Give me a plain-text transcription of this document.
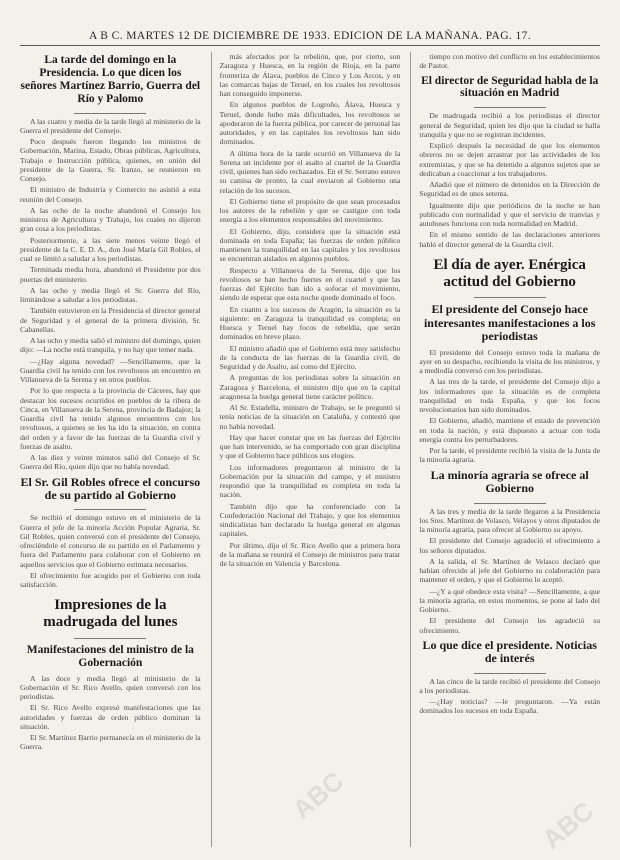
A B C. MARTES 12 DE DICIEMBRE DE 1933. EDICION DE LA MAÑANA. PAG. 17.
La tarde del domingo en la Presidencia. Lo que dicen los señores Martínez Barrio, Guerra del Río y Palomo

A las cuatro y media de la tarde llegó al ministerio de la Guerra el presidente del Consejo.

Poco después fueron llegando los ministros de Gobernación, Marina, Estado, Obras públicas, Agricultura, Trabajo e Instrucción pública, quienes, en unión del presidente de la Guerra, Sr. Iranzo, se reunieron en Consejo.

El ministro de Industria y Comercio no asistió a esta reunión del Consejo.

A las ocho de la noche abandonó el Consejo los ministros de Agricultura y Trabajo, los cuales no dijeron gran cosa a los periodistas.

Posteriormente, a las siete menos veinte llegó el presidente de la C. E. D. A., don José María Gil Robles, el cual se limitó a saludar a los periodistas.

Terminada media hora, abandonó el Presidente por dos puertas del ministerio.

A las ocho y media llegó el Sr. Guerra del Río, limitándose a saludar a los periodistas.

También estuvieron en la Presidencia el director general de Seguridad y el general de la primera división, Sr. Cabanellas.

A las ocho y media salió el ministro del domingo, quien dijo: —La noche está tranquila, y no hay que temer nada.

—¿Hay alguna novedad? —Sencillamente, que la Guardia civil ha tenido con los revoltosos un encuentro en Villanueva de la Serena y en otros pueblos.

Por lo que respecta a la provincia de Cáceres, hay que destacar los sucesos ocurridos en pueblos de la ribera de Cinca, en Villanueva de la Serena, provincia de Badajoz; la Guardia civil ha tenido algunos encuentros con los revoltosos, a quienes se les ha ido la situación, en contra del orden y a favor de las fuerzas de la Guardia civil y fuerzas de asalto.

A las diez y veinte minutos salió del Consejo el Sr. Guerra del Río, quien dijo que no había novedad.

El Sr. Gil Robles ofrece el concurso de su partido al Gobierno

Se recibió el domingo estuvo en el ministerio de la Guerra el jefe de la minoría Acción Popular Agraria, Sr. Gil Robles, quien conversó con el presidente del Consejo, ofreciéndole el concurso de su partido en el Parlamento y fuera del Parlamento para colaborar con el Gobierno en aquellos servicios que el Gobierno estimara necesarios.

El ofrecimiento fue acogido por el Gobierno con toda satisfacción.

Impresiones de la madrugada del lunes
Manifestaciones del ministro de la Gobernación

A las doce y media llegó al ministerio de la Gobernación el Sr. Rico Avello, quien conversó con los periodistas.

El Sr. Rico Avello expresó manifestaciones que las autoridades y fuerzas de orden público dominan la situación.

El Sr. Martínez Barrio permanecía en el ministerio de la Guerra.

más afectados por la rebelión, que, por cierto, son Zaragoza y Huesca, en la región de Rioja, en la parte fronteriza de Álava, pueblos de Cinco y Los Arcos, y en las comarcas bajas de Teruel, en los cuales los revoltosos han conseguido imponerse.

En algunos pueblos de Logroño, Álava, Huesca y Teruel, donde hubo más dificultades, los revoltosos se apoderaron de la fuerza pública, por carecer de personal las autoridades, y en las capitales los revoltosos han sido dominados.

A última hora de la tarde ocurrió en Villanueva de la Serena un incidente por el asalto al cuartel de la Guardia civil, quienes han sido rechazados. En el Sr. Serrano estuvo su camisa de pronto, la cual enviaron al Gobierno una relación de los sucesos.

El Gobierno tiene el propósito de que sean procesados los autores de la rebelión y que se castigue con toda energía a los elementos responsables del movimiento.

El Gobierno, dijo, considera que la situación está dominada en toda España; las fuerzas de orden público mantienen la tranquilidad en las capitales y los revoltosos se encuentran aislados en algunos pueblos.

Respecto a Villanueva de la Serena, dijo que los revoltosos se han hecho fuertes en el cuartel y que las fuerzas del Ejército han ido a sofocar el movimiento, siendo de esperar que esta noche quede dominado el foco.

En cuanto a los sucesos de Aragón, la situación es la siguiente: en Zaragoza la tranquilidad es completa; en Huesca y Teruel hay focos de rebeldía, que serán dominados en breve plazo.

El ministro añadió que el Gobierno está muy satisfecho de la conducta de las fuerzas de la Guardia civil, de Seguridad y de Asalto, así como del Ejército.

A preguntas de los periodistas sobre la situación en Zaragoza y Barcelona, el ministro dijo que en la capital aragonesa la huelga general tiene carácter político.

Al Sr. Estadella, ministro de Trabajo, se le preguntó si tenía noticias de la situación en Cataluña, y contestó que no había novedad.

Hay que hacer constar que en las fuerzas del Ejército que han intervenido, se ha comportado con gran disciplina y que el Gobierno hace públicos sus elogios.

Los informadores preguntaron al ministro de la Gobernación por la situación del campo, y el ministro respondió que la tranquilidad es completa en toda la nación.

También dijo que ha conferenciado con la Confederación Nacional del Trabajo, y que los elementos sindicalistas han declarado la huelga general en algunas capitales.

Por último, dijo el Sr. Rico Avello que a primera hora de la mañana se reunirá el Consejo de ministros para tratar de la situación en Valencia y Barcelona.

tiempo con motivo del conflicto en los establecimientos de Pastor.

El director de Seguridad habla de la situación en Madrid

De madrugada recibió a los periodistas el director general de Seguridad, quien les dijo que la ciudad se halla tranquila y que no se registran incidentes.

Explicó después la necesidad de que los elementos obreros no se dejen arrastrar por las actividades de los extremistas, y que se ha detenido a algunos sujetos que se dedicaban a coaccionar a los trabajadores.

Añadió que el número de detenidos en la Dirección de Seguridad es de unos setenta.

Igualmente dijo que periódicos de la noche se han publicado con normalidad y que el servicio de tranvías y autobuses funciona con toda normalidad en Madrid.

En el mismo sentido de las declaraciones anteriores habló el director general de la Guardia civil.

El día de ayer. Enérgica actitud del Gobierno
El presidente del Consejo hace interesantes manifestaciones a los periodistas

El presidente del Consejo estuvo toda la mañana de ayer en su despacho, recibiendo la visita de los ministros, y a mediodía conversó con los periodistas.

A las tres de la tarde, el presidente del Consejo dijo a los informadores que la situación es de completa tranquilidad en toda España, y que los focos revolucionarios han sido dominados.

El Gobierno, añadió, mantiene el estado de prevención en toda la nación, y está dispuesto a actuar con toda energía contra los perturbadores.

Por la tarde, el presidente recibió la visita de la Junta de la minoría agraria.

La minoría agraria se ofrece al Gobierno

A las tres y media de la tarde llegaron a la Presidencia los Sres. Martínez de Velasco, Velayos y otros diputados de la minoría agraria, para ofrecer al Gobierno su apoyo.

El presidente del Consejo agradeció el ofrecimiento a los señores diputados.

A la salida, el Sr. Martínez de Velasco declaró que habían ofrecido al jefe del Gobierno su colaboración para mantener el orden, y que el Gobierno lo aceptó.

—¿Y a qué obedece esta visita? —Sencillamente, a que la minoría agraria, en estos momentos, se pone al lado del Gobierno.

El presidente del Consejo les agradeció su ofrecimiento.

Lo que dice el presidente. Noticias de interés

A las cinco de la tarde recibió el presidente del Consejo a los periodistas.

—¿Hay noticias? —le preguntaron. —Ya están dominados los sucesos en toda España.

ABC
ABC
